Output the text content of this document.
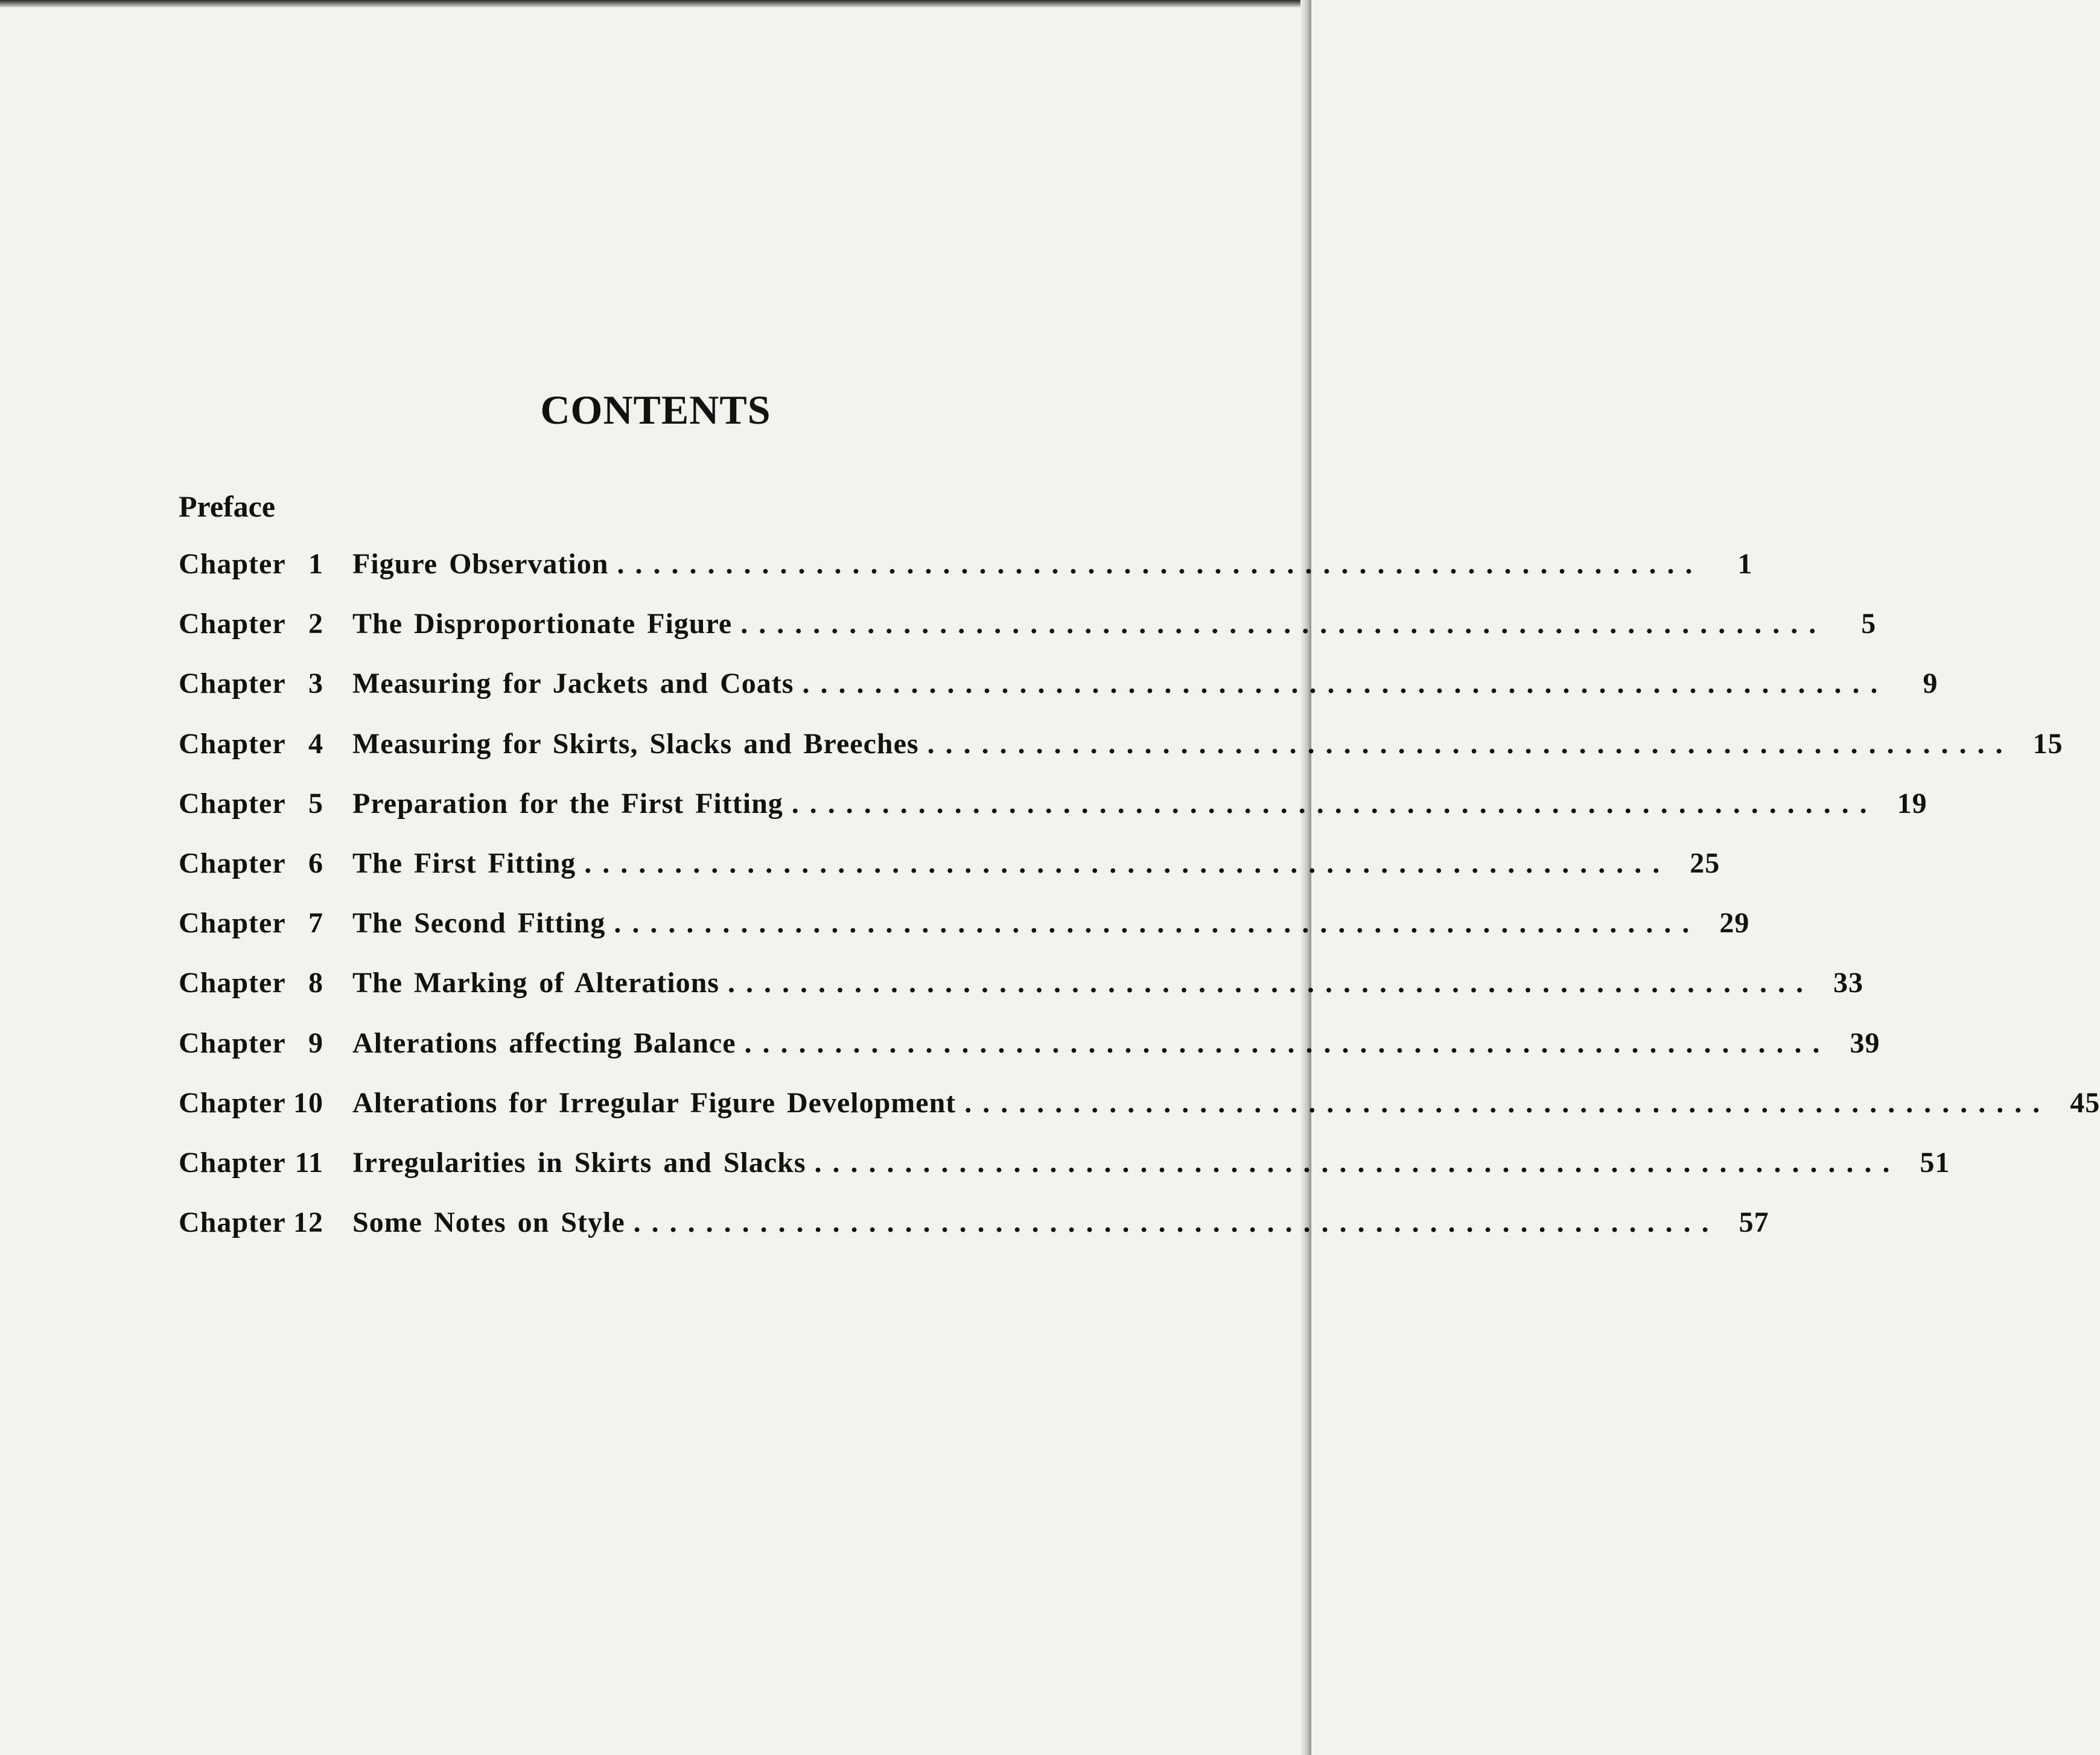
CONTENTS
Preface
Chapter 1 Figure Observation ............................................................	1
Chapter 2 The Disproportionate Figure ............................................................	5
Chapter 3 Measuring for Jackets and Coats ............................................................	9
Chapter 4 Measuring for Skirts, Slacks and Breeches ............................................................ 15
Chapter 5 Preparation for the First Fitting ............................................................ 19
Chapter 6 The First Fitting ............................................................ 25
Chapter 7 The Second Fitting ............................................................ 29
Chapter 8 The Marking of Alterations ............................................................ 33
Chapter 9 Alterations affecting Balance ............................................................ 39
Chapter 10 Alterations for Irregular Figure Development ............................................................ 45
Chapter 11 Irregularities in Skirts and Slacks ............................................................ 51
Chapter 12 Some Notes on Style ............................................................ 57
